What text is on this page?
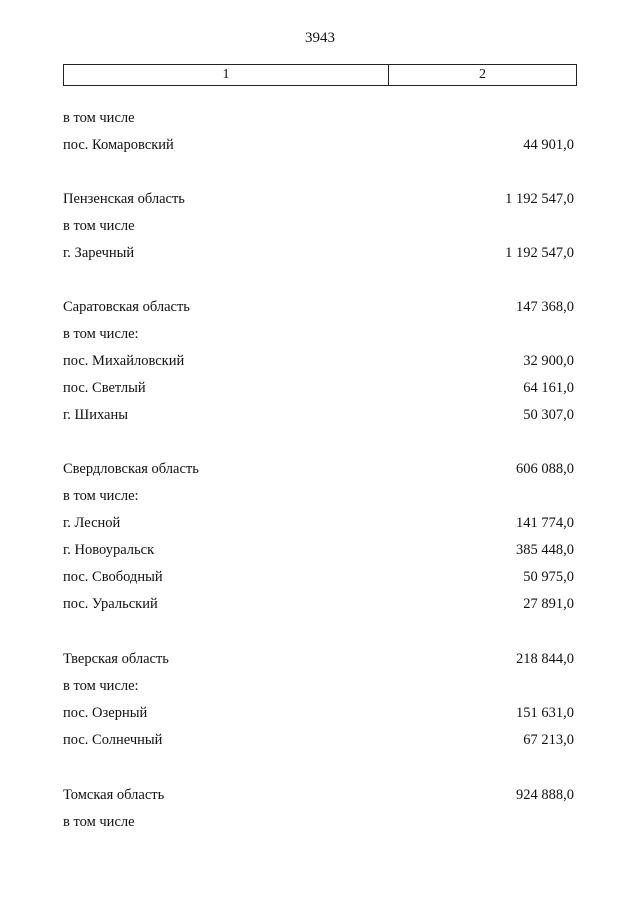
3943
1	2
в том числе
пос. Комаровский	44 901,0
Пензенская область	1 192 547,0
в том числе
г. Заречный	1 192 547,0
Саратовская область	147 368,0
в том числе:
пос. Михайловский	32 900,0
пос. Светлый	64 161,0
г. Шиханы	50 307,0
Свердловская область	606 088,0
в том числе:
г. Лесной	141 774,0
г. Новоуральск	385 448,0
пос. Свободный	50 975,0
пос. Уральский	27 891,0
Тверская область	218 844,0
в том числе:
пос. Озерный	151 631,0
пос. Солнечный	67 213,0
Томская область	924 888,0
в том числе
